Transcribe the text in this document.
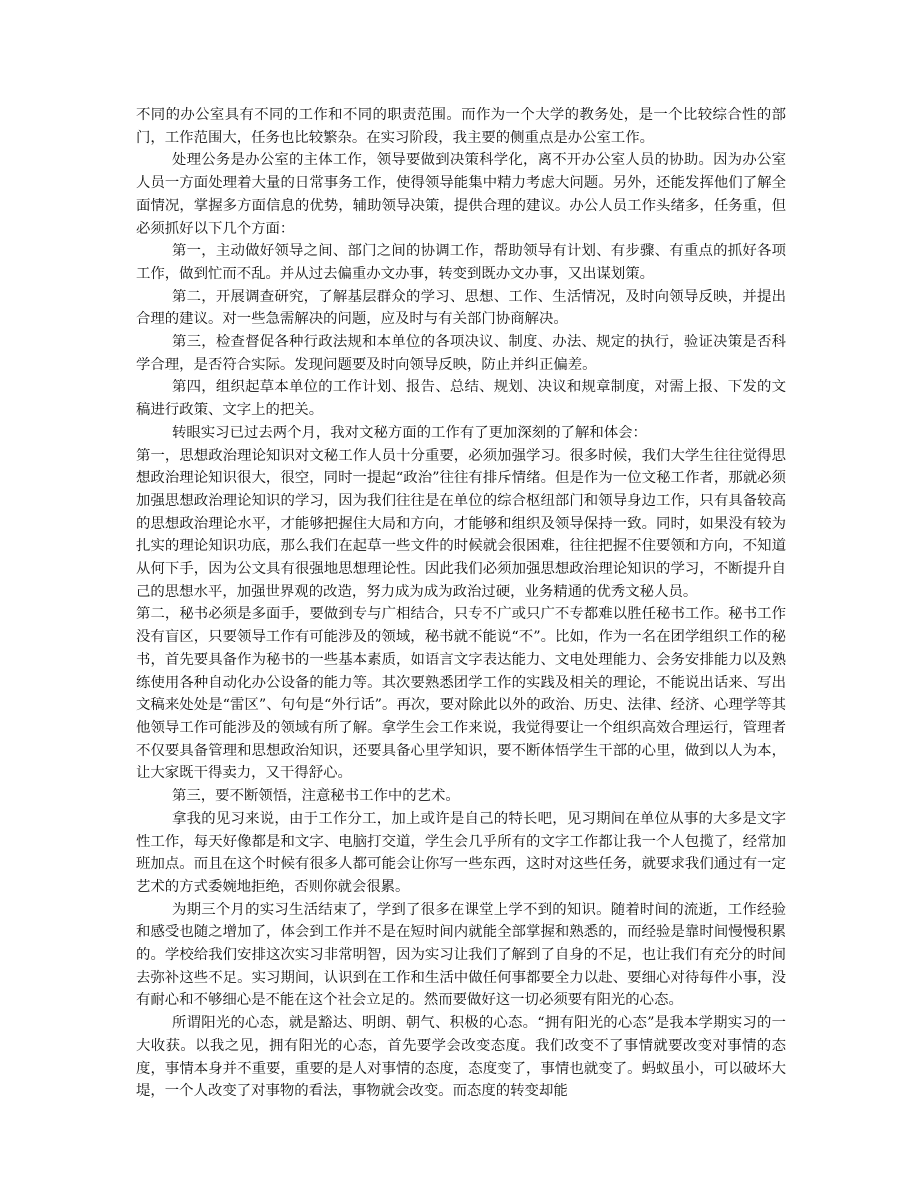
不同的办公室具有不同的工作和不同的职责范围。而作为一个大学的教务处，是一个比较综合性的部门，工作范围大，任务也比较繁杂。在实习阶段，我主要的侧重点是办公室工作。

处理公务是办公室的主体工作，领导要做到决策科学化，离不开办公室人员的协助。因为办公室人员一方面处理着大量的日常事务工作，使得领导能集中精力考虑大问题。另外，还能发挥他们了解全面情况，掌握多方面信息的优势，辅助领导决策，提供合理的建议。办公人员工作头绪多，任务重，但必须抓好以下几个方面：

第一，主动做好领导之间、部门之间的协调工作，帮助领导有计划、有步骤、有重点的抓好各项工作，做到忙而不乱。并从过去偏重办文办事，转变到既办文办事，又出谋划策。

第二，开展调查研究，了解基层群众的学习、思想、工作、生活情况，及时向领导反映，并提出合理的建议。对一些急需解决的问题，应及时与有关部门协商解决。

第三，检查督促各种行政法规和本单位的各项决议、制度、办法、规定的执行，验证决策是否科学合理，是否符合实际。发现问题要及时向领导反映，防止并纠正偏差。

第四，组织起草本单位的工作计划、报告、总结、规划、决议和规章制度，对需上报、下发的文稿进行政策、文字上的把关。

转眼实习已过去两个月，我对文秘方面的工作有了更加深刻的了解和体会：

第一，思想政治理论知识对文秘工作人员十分重要，必须加强学习。很多时候，我们大学生往往觉得思想政治理论知识很大，很空，同时一提起“政治”往往有排斥情绪。但是作为一位文秘工作者，那就必须加强思想政治理论知识的学习，因为我们往往是在单位的综合枢纽部门和领导身边工作，只有具备较高的思想政治理论水平，才能够把握住大局和方向，才能够和组织及领导保持一致。同时，如果没有较为扎实的理论知识功底，那么我们在起草一些文件的时候就会很困难，往往把握不住要领和方向，不知道从何下手，因为公文具有很强地思想理论性。因此我们必须加强思想政治理论知识的学习，不断提升自己的思想水平，加强世界观的改造，努力成为成为政治过硬，业务精通的优秀文秘人员。

第二，秘书必须是多面手，要做到专与广相结合，只专不广或只广不专都难以胜任秘书工作。秘书工作没有盲区，只要领导工作有可能涉及的领域，秘书就不能说“不”。比如，作为一名在团学组织工作的秘书，首先要具备作为秘书的一些基本素质，如语言文字表达能力、文电处理能力、会务安排能力以及熟练使用各种自动化办公设备的能力等。其次要熟悉团学工作的实践及相关的理论，不能说出话来、写出文稿来处处是“雷区”、句句是“外行话”。再次，要对除此以外的政治、历史、法律、经济、心理学等其他领导工作可能涉及的领域有所了解。拿学生会工作来说，我觉得要让一个组织高效合理运行，管理者不仅要具备管理和思想政治知识，还要具备心里学知识，要不断体悟学生干部的心里，做到以人为本，让大家既干得卖力，又干得舒心。

第三，要不断领悟，注意秘书工作中的艺术。

拿我的见习来说，由于工作分工，加上或许是自己的特长吧，见习期间在单位从事的大多是文字性工作，每天好像都是和文字、电脑打交道，学生会几乎所有的文字工作都让我一个人包揽了，经常加班加点。而且在这个时候有很多人都可能会让你写一些东西，这时对这些任务，就要求我们通过有一定艺术的方式委婉地拒绝，否则你就会很累。

为期三个月的实习生活结束了，学到了很多在课堂上学不到的知识。随着时间的流逝，工作经验和感受也随之增加了，体会到工作并不是在短时间内就能全部掌握和熟悉的，而经验是靠时间慢慢积累的。学校给我们安排这次实习非常明智，因为实习让我们了解到了自身的不足，也让我们有充分的时间去弥补这些不足。实习期间，认识到在工作和生活中做任何事都要全力以赴、要细心对待每件小事，没有耐心和不够细心是不能在这个社会立足的。然而要做好这一切必须要有阳光的心态。

所谓阳光的心态，就是豁达、明朗、朝气、积极的心态。“拥有阳光的心态”是我本学期实习的一大收获。以我之见，拥有阳光的心态，首先要学会改变态度。我们改变不了事情就要改变对事情的态度，事情本身并不重要，重要的是人对事情的态度，态度变了，事情也就变了。蚂蚁虽小，可以破坏大堤，一个人改变了对事物的看法，事物就会改变。而态度的转变却能
